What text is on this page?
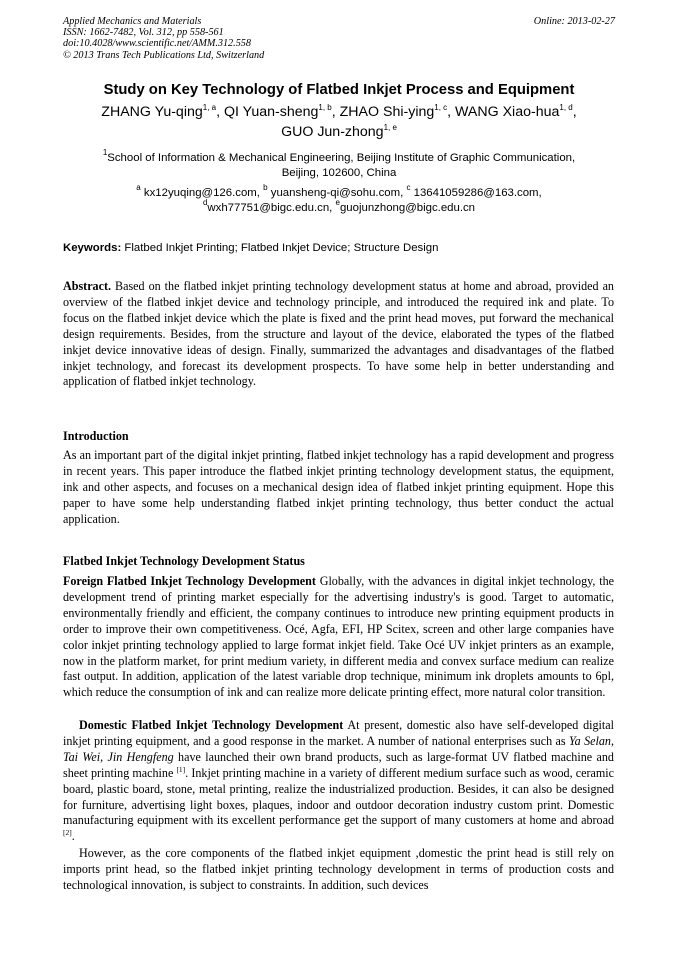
Applied Mechanics and Materials
ISSN: 1662-7482, Vol. 312, pp 558-561
doi:10.4028/www.scientific.net/AMM.312.558
© 2013 Trans Tech Publications Ltd, Switzerland
Online: 2013-02-27
Study on Key Technology of Flatbed Inkjet Process and Equipment
ZHANG Yu-qing$^{1, a}$, QI Yuan-sheng$^{1, b}$, ZHAO Shi-ying$^{1, c}$, WANG Xiao-hua$^{1, d}$,
GUO Jun-zhong$^{1, e}$
$^1$School of Information & Mechanical Engineering, Beijing Institute of Graphic Communication,
Beijing, 102600, China
$^a$ kx12yuqing@126.com, $^b$ yuansheng-qi@sohu.com, $^c$ 13641059286@163.com,
$^d$wxh77751@bigc.edu.cn, $^e$guojunzhong@bigc.edu.cn
Keywords: Flatbed Inkjet Printing; Flatbed Inkjet Device; Structure Design
Abstract. Based on the flatbed inkjet printing technology development status at home and abroad, provided an overview of the flatbed inkjet device and technology principle, and introduced the required ink and plate. To focus on the flatbed inkjet device which the plate is fixed and the print head moves, put forward the mechanical design requirements. Besides, from the structure and layout of the device, elaborated the types of the flatbed inkjet device innovative ideas of design. Finally, summarized the advantages and disadvantages of the flatbed inkjet technology, and forecast its development prospects. To have some help in better understanding and application of flatbed inkjet technology.
Introduction
As an important part of the digital inkjet printing, flatbed inkjet technology has a rapid development and progress in recent years. This paper introduce the flatbed inkjet printing technology development status, the equipment, ink and other aspects, and focuses on a mechanical design idea of flatbed inkjet printing equipment. Hope this paper to have some help understanding flatbed inkjet printing technology, thus better conduct the actual application.
Flatbed Inkjet Technology Development Status
Foreign Flatbed Inkjet Technology Development Globally, with the advances in digital inkjet technology, the development trend of printing market especially for the advertising industry's is good. Target to automatic, environmentally friendly and efficient, the company continues to introduce new printing equipment products in order to improve their own competitiveness. Océ, Agfa, EFI, HP Scitex, screen and other large companies have color inkjet printing technology applied to large format inkjet field. Take Océ UV inkjet printers as an example, now in the platform market, for print medium variety, in different media and convex surface medium can realize fast output. In addition, application of the latest variable drop technique, minimum ink droplets amounts to 6pl, which reduce the consumption of ink and can realize more delicate printing effect, more natural color transition.
Domestic Flatbed Inkjet Technology Development At present, domestic also have self-developed digital inkjet printing equipment, and a good response in the market. A number of national enterprises such as Ya Selan, Tai Wei, Jin Hengfeng have launched their own brand products, such as large-format UV flatbed machine and sheet printing machine [1]. Inkjet printing machine in a variety of different medium surface such as wood, ceramic board, plastic board, stone, metal printing, realize the industrialized production. Besides, it can also be designed for furniture, advertising light boxes, plaques, indoor and outdoor decoration industry custom print. Domestic manufacturing equipment with its excellent performance get the support of many customers at home and abroad [2].
However, as the core components of the flatbed inkjet equipment ,domestic the print head is still rely on imports print head, so the flatbed inkjet printing technology development in terms of production costs and technological innovation, is subject to constraints. In addition, such devices
